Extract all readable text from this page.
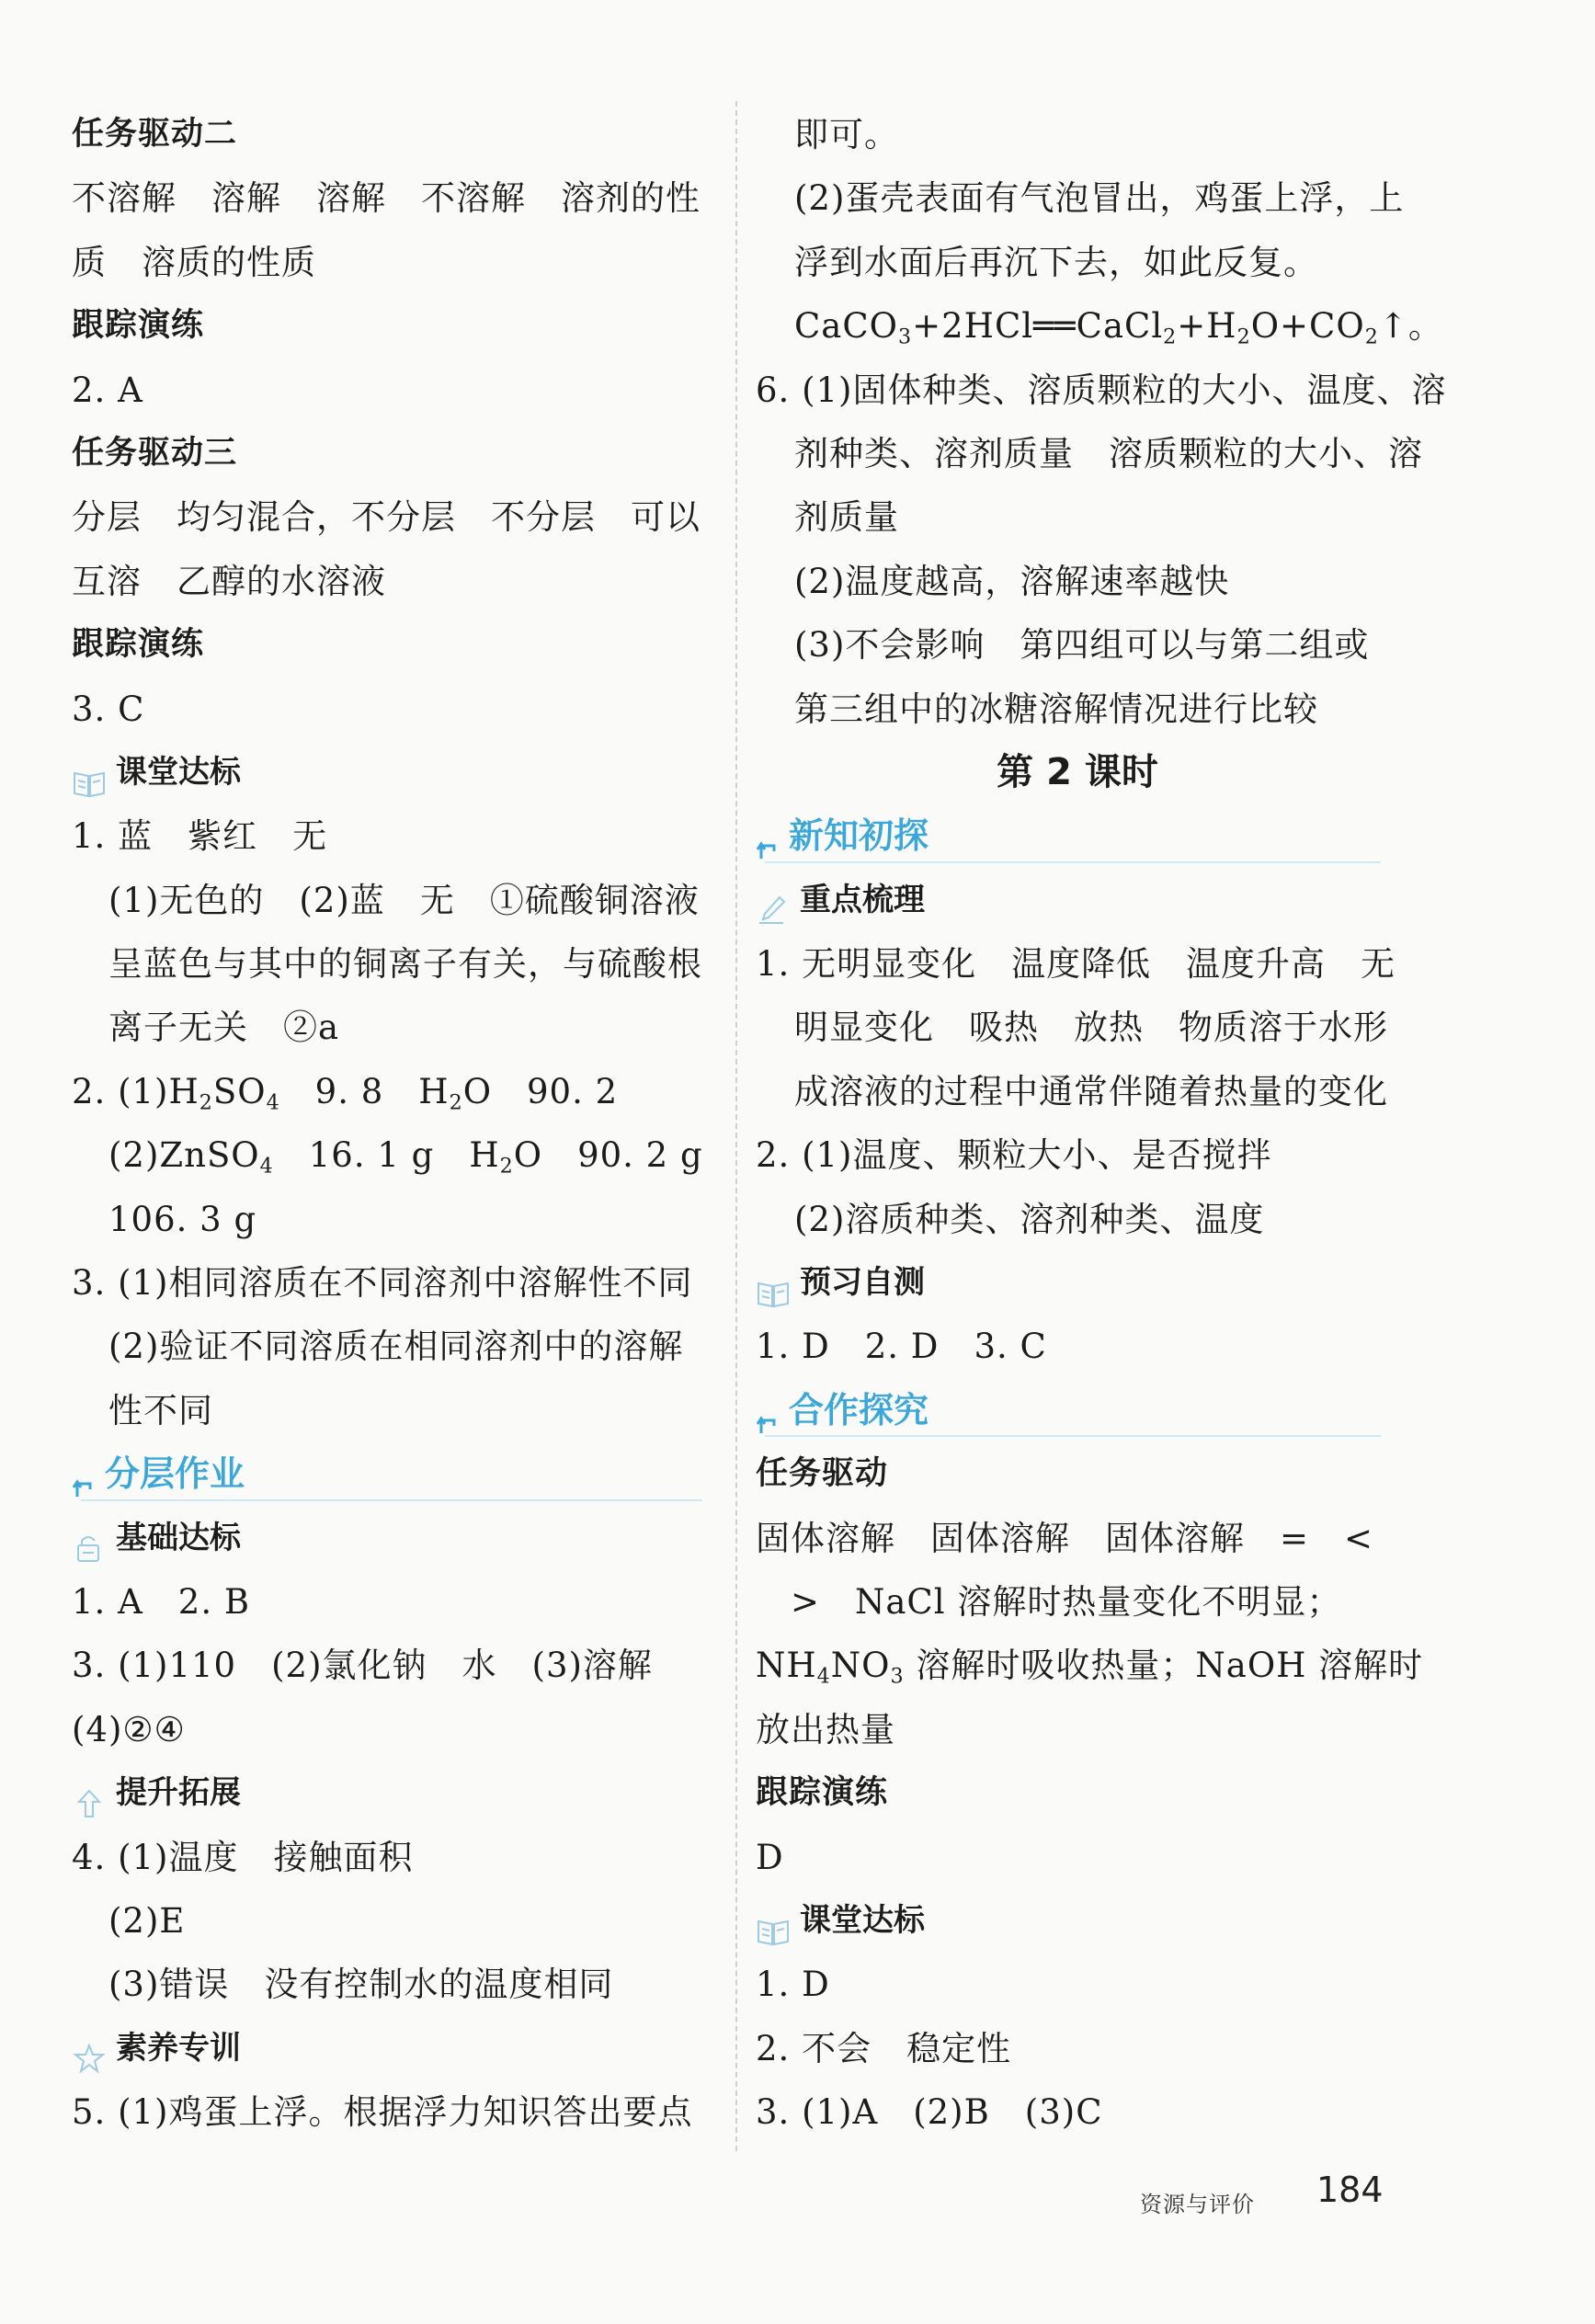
任务驱动二
不溶解　溶解　溶解　不溶解　溶剂的性
质　溶质的性质
跟踪演练
2. A
任务驱动三
分层　均匀混合，不分层　不分层　可以
互溶　乙醇的水溶液
跟踪演练
3. C
课堂达标
1. 蓝　紫红　无
(1)无色的　(2)蓝　无　①硫酸铜溶液
呈蓝色与其中的铜离子有关，与硫酸根
离子无关　②a
2. $(1)H_2SO_4$　9. 8　$H_2O$　90. 2
(2)ZnSO$_4$　16. 1 g　$H_2O$　90. 2 g
106. 3 g
3. (1)相同溶质在不同溶剂中溶解性不同
(2)验证不同溶质在相同溶剂中的溶解
性不同
分层作业
基础达标
1. A　2. B
3. (1)110　(2)氯化钠　水　(3)溶解
(4)②④
提升拓展
4. (1)温度　接触面积
(2)E
(3)错误　没有控制水的温度相同
素养专训
5. (1)鸡蛋上浮。根据浮力知识答出要点
即可。
(2)蛋壳表面有气泡冒出，鸡蛋上浮，上
浮到水面后再沉下去，如此反复。
$CaCO_3+2HCl══CaCl_2+H_2O+CO_2↑$。
6. (1)固体种类、溶质颗粒的大小、温度、溶
剂种类、溶剂质量　溶质颗粒的大小、溶
剂质量
(2)温度越高，溶解速率越快
(3)不会影响　第四组可以与第二组或
第三组中的冰糖溶解情况进行比较
第 2 课时
新知初探
重点梳理
1. 无明显变化　温度降低　温度升高　无
明显变化　吸热　放热　物质溶于水形
成溶液的过程中通常伴随着热量的变化
2. (1)温度、颗粒大小、是否搅拌
(2)溶质种类、溶剂种类、温度
预习自测
1. D　2. D　3. C
合作探究
任务驱动
固体溶解　固体溶解　固体溶解　=　<
　>　NaCl 溶解时热量变化不明显；
$NH_4NO_3$ 溶解时吸收热量；NaOH 溶解时
放出热量
跟踪演练
D
课堂达标
1. D
2. 不会　稳定性
3. (1)A　(2)B　(3)C
资源与评价 184
